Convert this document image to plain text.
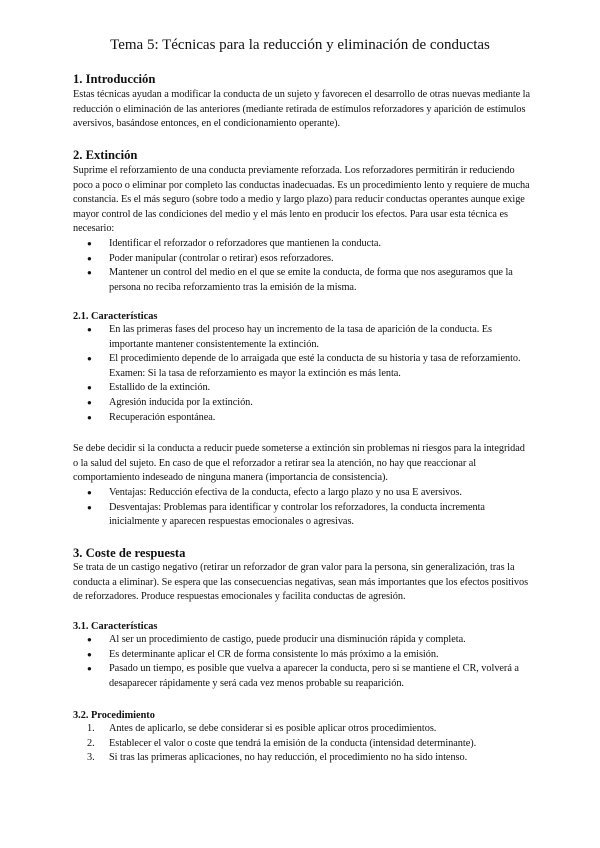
Tema 5: Técnicas para la reducción y eliminación de conductas
1. Introducción

Estas técnicas ayudan a modificar la conducta de un sujeto y favorecen el desarrollo de otras nuevas mediante la reducción o eliminación de las anteriores (mediante retirada de estímulos reforzadores y aparición de estímulos aversivos, basándose entonces, en el condicionamiento operante).

2. Extinción

Suprime el reforzamiento de una conducta previamente reforzada. Los reforzadores permitirán ir reduciendo poco a poco o eliminar por completo las conductas inadecuadas. Es un procedimiento lento y requiere de mucha constancia. Es el más seguro (sobre todo a medio y largo plazo) para reducir conductas operantes aunque exige mayor control de las condiciones del medio y el más lento en producir los efectos. Para usar esta técnica es necesario:

● Identificar el reforzador o reforzadores que mantienen la conducta.
● Poder manipular (controlar o retirar) esos reforzadores.
● Mantener un control del medio en el que se emite la conducta, de forma que nos aseguramos que la persona no reciba reforzamiento tras la emisión de la misma.
2.1. Características
● En las primeras fases del proceso hay un incremento de la tasa de aparición de la conducta. Es importante mantener consistentemente la extinción.
● El procedimiento depende de lo arraigada que esté la conducta de su historia y tasa de reforzamiento. Examen: Si la tasa de reforzamiento es mayor la extinción es más lenta.
● Estallido de la extinción.
● Agresión inducida por la extinción.
● Recuperación espontánea.

Se debe decidir si la conducta a reducir puede someterse a extinción sin problemas ni riesgos para la integridad o la salud del sujeto. En caso de que el reforzador a retirar sea la atención, no hay que reaccionar al comportamiento indeseado de ninguna manera (importancia de consistencia).

● Ventajas: Reducción efectiva de la conducta, efecto a largo plazo y no usa E aversivos.
● Desventajas: Problemas para identificar y controlar los reforzadores, la conducta incrementa inicialmente y aparecen respuestas emocionales o agresivas.
3. Coste de respuesta

Se trata de un castigo negativo (retirar un reforzador de gran valor para la persona, sin generalización, tras la conducta a eliminar). Se espera que las consecuencias negativas, sean más importantes que los efectos positivos de reforzadores. Produce respuestas emocionales y facilita conductas de agresión.

3.1. Características
● Al ser un procedimiento de castigo, puede producir una disminución rápida y completa.
● Es determinante aplicar el CR de forma consistente lo más próximo a la emisión.
● Pasado un tiempo, es posible que vuelva a aparecer la conducta, pero si se mantiene el CR, volverá a desaparecer rápidamente y será cada vez menos probable su reaparición.
3.2. Procedimiento
1. Antes de aplicarlo, se debe considerar si es posible aplicar otros procedimientos.
2. Establecer el valor o coste que tendrá la emisión de la conducta (intensidad determinante).
3. Si tras las primeras aplicaciones, no hay reducción, el procedimiento no ha sido intenso.
